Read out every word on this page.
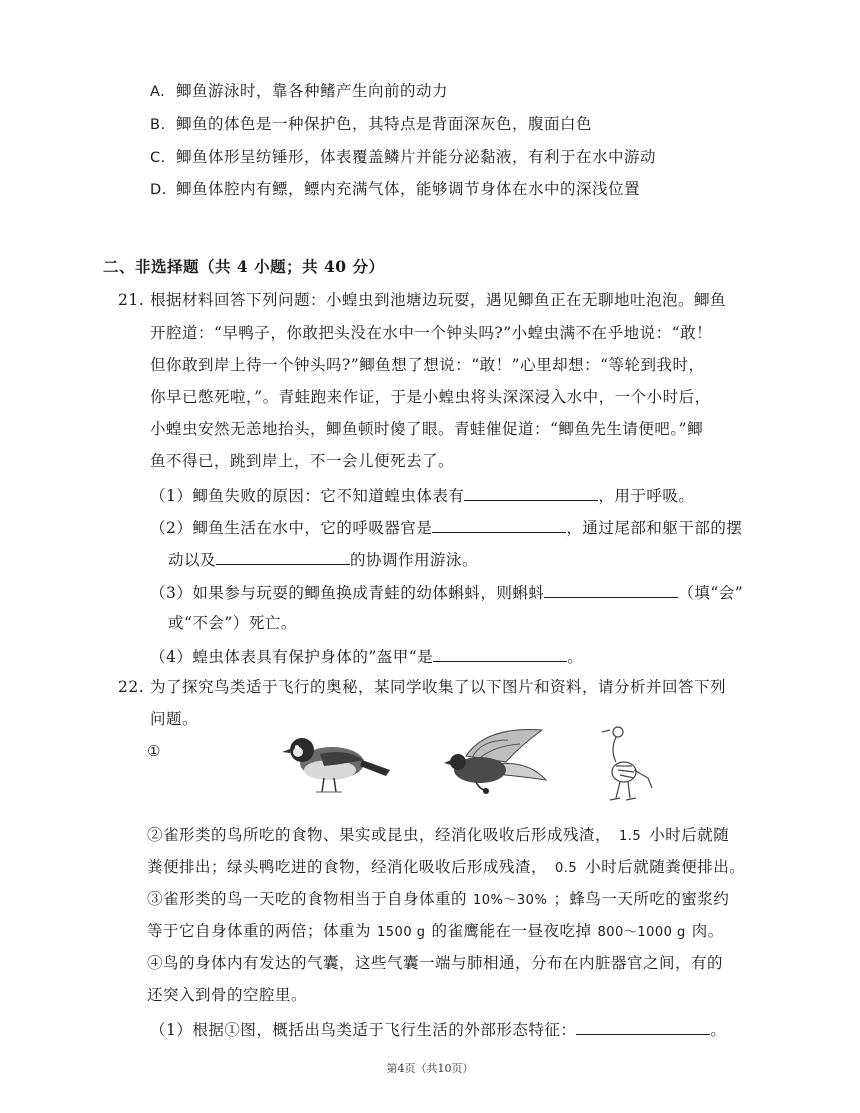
A. 鲫鱼游泳时，靠各种鳍产生向前的动力
B. 鲫鱼的体色是一种保护色，其特点是背面深灰色，腹面白色
C. 鲫鱼体形呈纺锤形，体表覆盖鳞片并能分泌黏液，有利于在水中游动
D. 鲫鱼体腔内有鳔，鳔内充满气体，能够调节身体在水中的深浅位置
二、非选择题（共 4 小题；共 40 分）
21. 根据材料回答下列问题：小蝗虫到池塘边玩耍，遇见鲫鱼正在无聊地吐泡泡。鲫鱼
开腔道：“早鸭子，你敢把头没在水中一个钟头吗?”小蝗虫满不在乎地说：“敢！
但你敢到岸上待一个钟头吗?”鲫鱼想了想说：“敢！”心里却想：“等轮到我时，
你早已憋死啦，”。青蛙跑来作证，于是小蝗虫将头深深浸入水中，一个小时后，
小蝗虫安然无恙地抬头，鲫鱼顿时傻了眼。青蛙催促道：“鲫鱼先生请便吧。”鲫
鱼不得已，跳到岸上，不一会儿便死去了。
（1）鲫鱼失败的原因：它不知道蝗虫体表有	，用于呼吸。
（2）鲫鱼生活在水中，它的呼吸器官是	，通过尾部和躯干部的摆
动以及	的协调作用游泳。
（3）如果参与玩耍的鲫鱼换成青蛙的幼体蝌蚪，则蝌蚪	（填“会”
或“不会”）死亡。
（4）蝗虫体表具有保护身体的”盔甲“是	。
22. 为了探究鸟类适于飞行的奥秘，某同学收集了以下图片和资料，请分析并回答下列
问题。
①
②雀形类的鸟所吃的食物、果实或昆虫，经消化吸收后形成残渣， 1.5 小时后就随
粪便排出；绿头鸭吃进的食物，经消化吸收后形成残渣， 0.5 小时后就随粪便排出。
③雀形类的鸟一天吃的食物相当于自身体重的 10%～30% ；蜂鸟一天所吃的蜜浆约
等于它自身体重的两倍；体重为 1500 g 的雀鹰能在一昼夜吃掉 800～1000 g 肉。
④鸟的身体内有发达的气囊，这些气囊一端与肺相通，分布在内脏器官之间，有的
还突入到骨的空腔里。
（1）根据①图，概括出鸟类适于飞行生活的外部形态特征：	。
第4页（共10页）
